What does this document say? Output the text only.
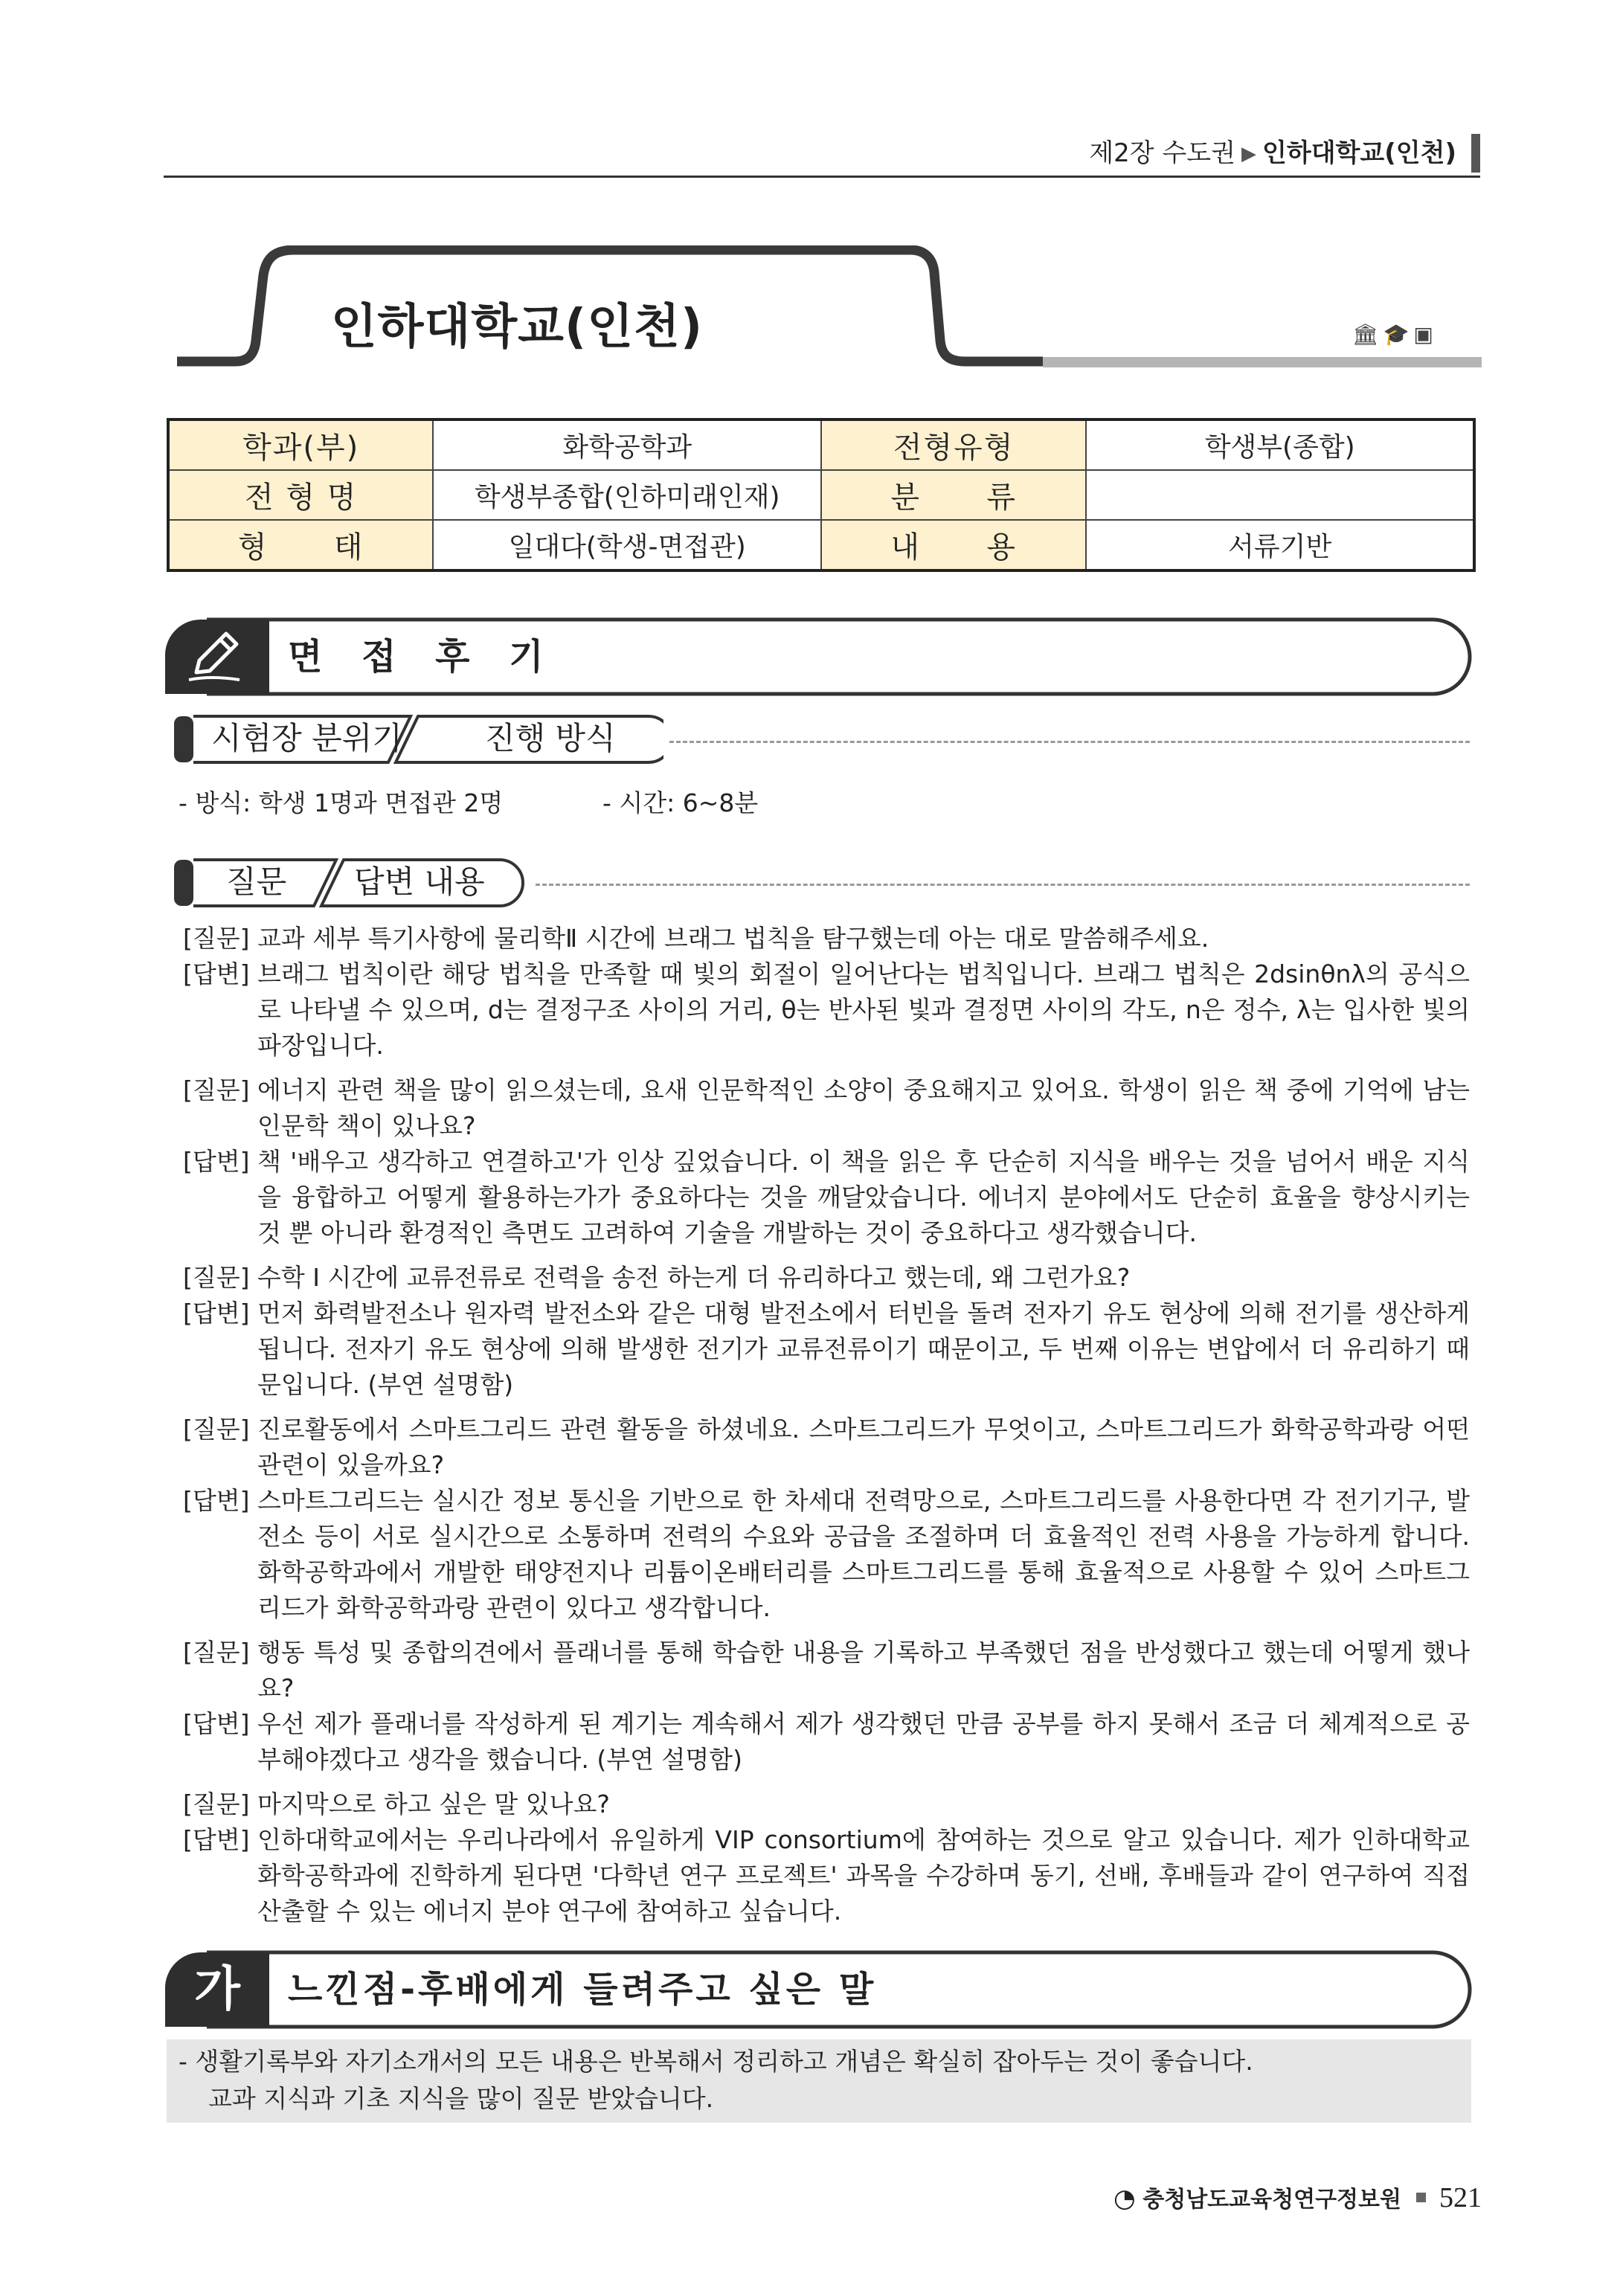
제2장 수도권 ▶ 인하대학교(인천)
인하대학교(인천)	🏛🎓▣
학과(부)	화학공학과	전형유형	학생부(종합)
전 형 명	학생부종합(인하미래인재)	분      류	
형      태	일대다(학생-면접관)	내      용	서류기반
면 접 후 기
시험장 분위기	진행 방식
- 방식: 학생 1명과 면접관 2명	- 시간: 6~8분
질문 답변 내용
[질문] 교과 세부 특기사항에 물리학Ⅱ 시간에 브래그 법칙을 탐구했는데 아는 대로 말씀해주세요.
[답변] 브래그 법칙이란 해당 법칙을 만족할 때 빛의 회절이 일어난다는 법칙입니다. 브래그 법칙은 2dsinθnλ의 공식으로 나타낼 수 있으며, d는 결정구조 사이의 거리, θ는 반사된 빛과 결정면 사이의 각도, n은 정수, λ는 입사한 빛의 파장입니다.
[질문] 에너지 관련 책을 많이 읽으셨는데, 요새 인문학적인 소양이 중요해지고 있어요. 학생이 읽은 책 중에 기억에 남는 인문학 책이 있나요?
[답변] 책 '배우고 생각하고 연결하고'가 인상 깊었습니다. 이 책을 읽은 후 단순히 지식을 배우는 것을 넘어서 배운 지식을 융합하고 어떻게 활용하는가가 중요하다는 것을 깨달았습니다. 에너지 분야에서도 단순히 효율을 향상시키는 것 뿐 아니라 환경적인 측면도 고려하여 기술을 개발하는 것이 중요하다고 생각했습니다.
[질문] 수학 Ⅰ 시간에 교류전류로 전력을 송전 하는게 더 유리하다고 했는데, 왜 그런가요?
[답변] 먼저 화력발전소나 원자력 발전소와 같은 대형 발전소에서 터빈을 돌려 전자기 유도 현상에 의해 전기를 생산하게 됩니다. 전자기 유도 현상에 의해 발생한 전기가 교류전류이기 때문이고, 두 번째 이유는 변압에서 더 유리하기 때문입니다. (부연 설명함)
[질문] 진로활동에서 스마트그리드 관련 활동을 하셨네요. 스마트그리드가 무엇이고, 스마트그리드가 화학공학과랑 어떤 관련이 있을까요?
[답변] 스마트그리드는 실시간 정보 통신을 기반으로 한 차세대 전력망으로, 스마트그리드를 사용한다면 각 전기기구, 발전소 등이 서로 실시간으로 소통하며 전력의 수요와 공급을 조절하며 더 효율적인 전력 사용을 가능하게 합니다. 화학공학과에서 개발한 태양전지나 리튬이온배터리를 스마트그리드를 통해 효율적으로 사용할 수 있어 스마트그리드가 화학공학과랑 관련이 있다고 생각합니다.
[질문] 행동 특성 및 종합의견에서 플래너를 통해 학습한 내용을 기록하고 부족했던 점을 반성했다고 했는데 어떻게 했나요?
[답변] 우선 제가 플래너를 작성하게 된 계기는 계속해서 제가 생각했던 만큼 공부를 하지 못해서 조금 더 체계적으로 공부해야겠다고 생각을 했습니다. (부연 설명함)
[질문] 마지막으로 하고 싶은 말 있나요?
[답변] 인하대학교에서는 우리나라에서 유일하게 VIP consortium에 참여하는 것으로 알고 있습니다. 제가 인하대학교 화학공학과에 진학하게 된다면 '다학년 연구 프로젝트' 과목을 수강하며 동기, 선배, 후배들과 같이 연구하여 직접 산출할 수 있는 에너지 분야 연구에 참여하고 싶습니다.
가	느낀점-후배에게 들려주고 싶은 말
- 생활기록부와 자기소개서의 모든 내용은 반복해서 정리하고 개념은 확실히 잡아두는 것이 좋습니다.
교과 지식과 기초 지식을 많이 질문 받았습니다.
◔ 충청남도교육청연구정보원 521
